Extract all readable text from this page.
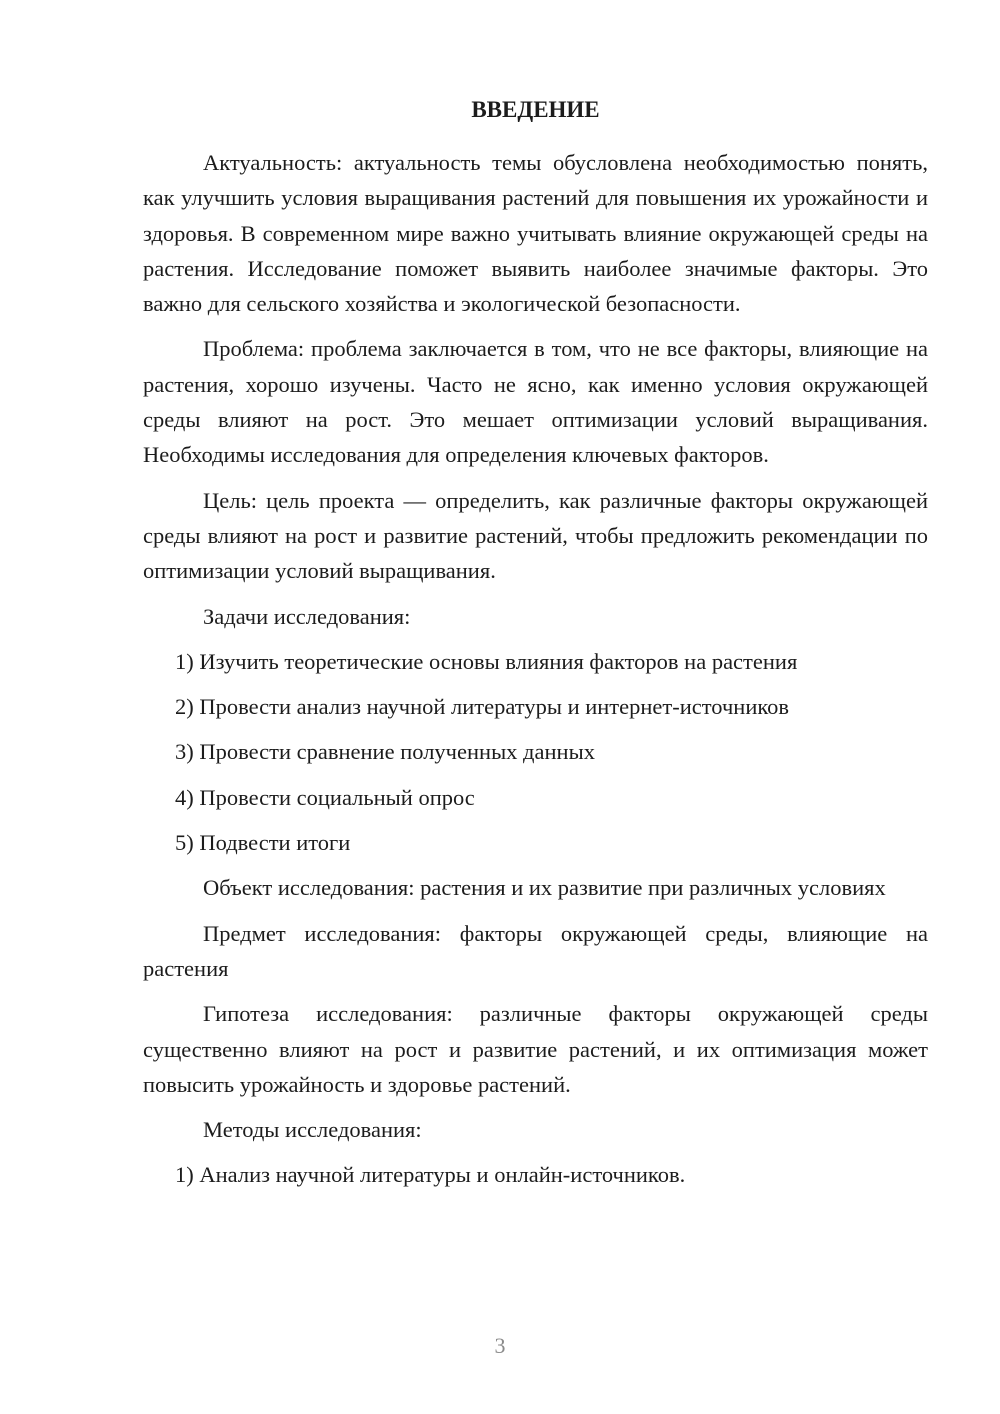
ВВЕДЕНИЕ

Актуальность: актуальность темы обусловлена необходимостью понять, как улучшить условия выращивания растений для повышения их урожайности и здоровья. В современном мире важно учитывать влияние окружающей среды на растения. Исследование поможет выявить наиболее значимые факторы. Это важно для сельского хозяйства и экологической безопасности.

Проблема: проблема заключается в том, что не все факторы, влияющие на растения, хорошо изучены. Часто не ясно, как именно условия окружающей среды влияют на рост. Это мешает оптимизации условий выращивания. Необходимы исследования для определения ключевых факторов.

Цель: цель проекта — определить, как различные факторы окружающей среды влияют на рост и развитие растений, чтобы предложить рекомендации по оптимизации условий выращивания.

Задачи исследования:

1) Изучить теоретические основы влияния факторов на растения

2) Провести анализ научной литературы и интернет-источников

3) Провести сравнение полученных данных

4) Провести социальный опрос

5) Подвести итоги

Объект исследования: растения и их развитие при различных условиях

Предмет исследования: факторы окружающей среды, влияющие на растения

Гипотеза исследования: различные факторы окружающей среды существенно влияют на рост и развитие растений, и их оптимизация может повысить урожайность и здоровье растений.

Методы исследования:

1) Анализ научной литературы и онлайн-источников.

3
